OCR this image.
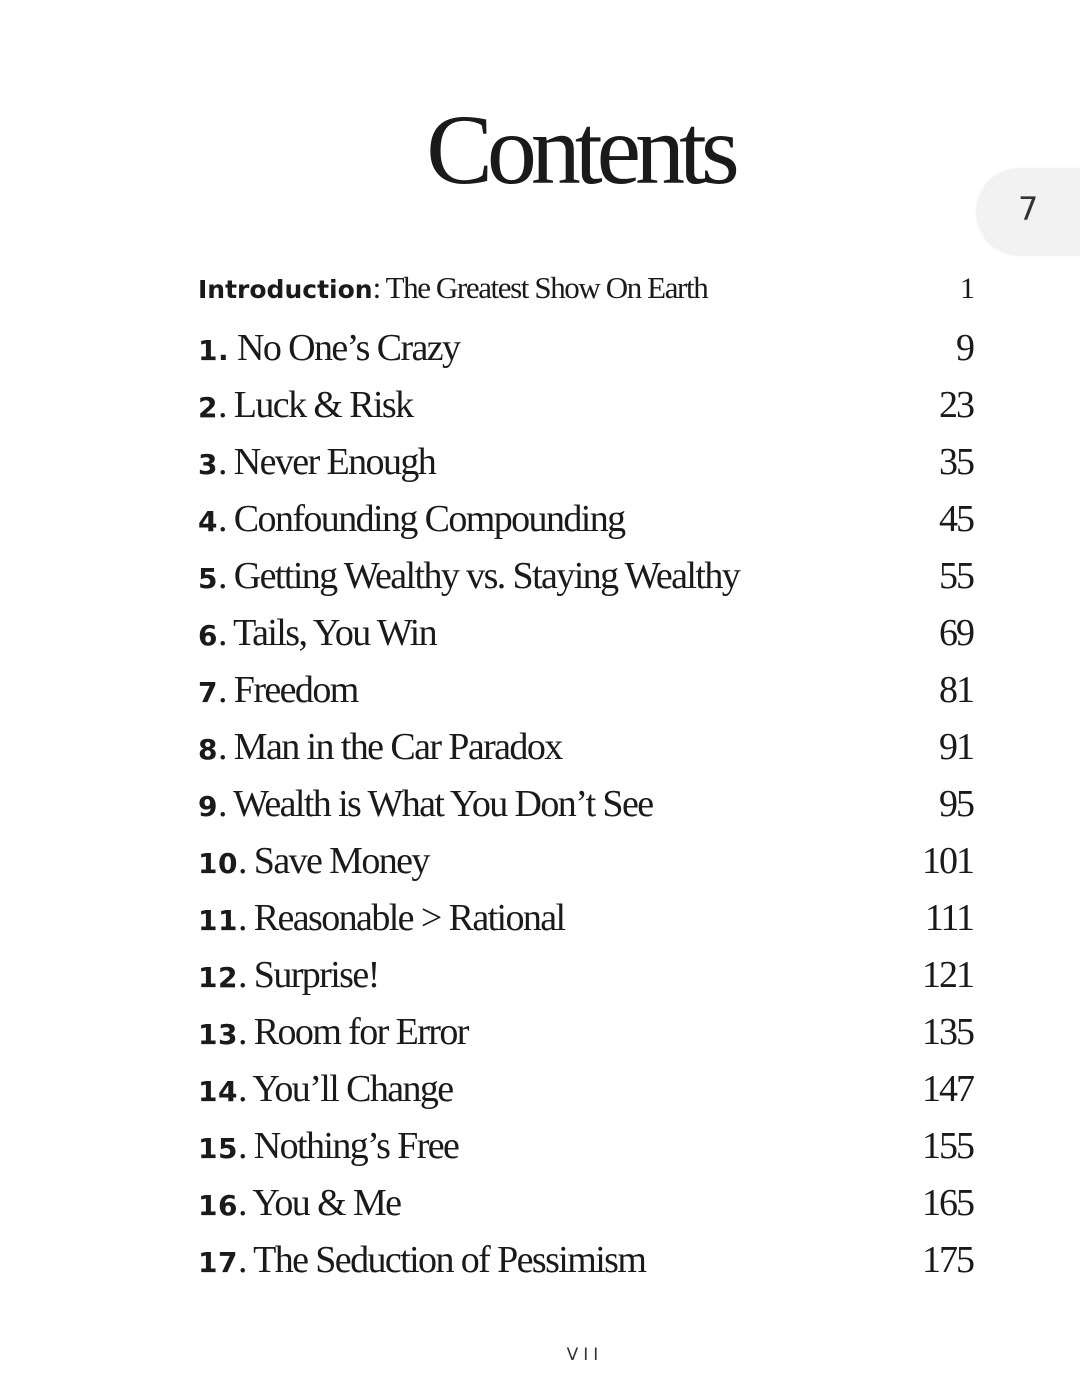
Contents
7
Introduction: The Greatest Show On Earth	1
1. No One’s Crazy	9
2. Luck & Risk	23
3. Never Enough	35
4. Confounding Compounding	45
5. Getting Wealthy vs. Staying Wealthy	55
6. Tails, You Win	69
7. Freedom	81
8. Man in the Car Paradox	91
9. Wealth is What You Don’t See	95
10. Save Money	101
11. Reasonable > Rational	111
12. Surprise!	121
13. Room for Error	135
14. You’ll Change	147
15. Nothing’s Free	155
16. You & Me	165
17. The Seduction of Pessimism	175
VII
